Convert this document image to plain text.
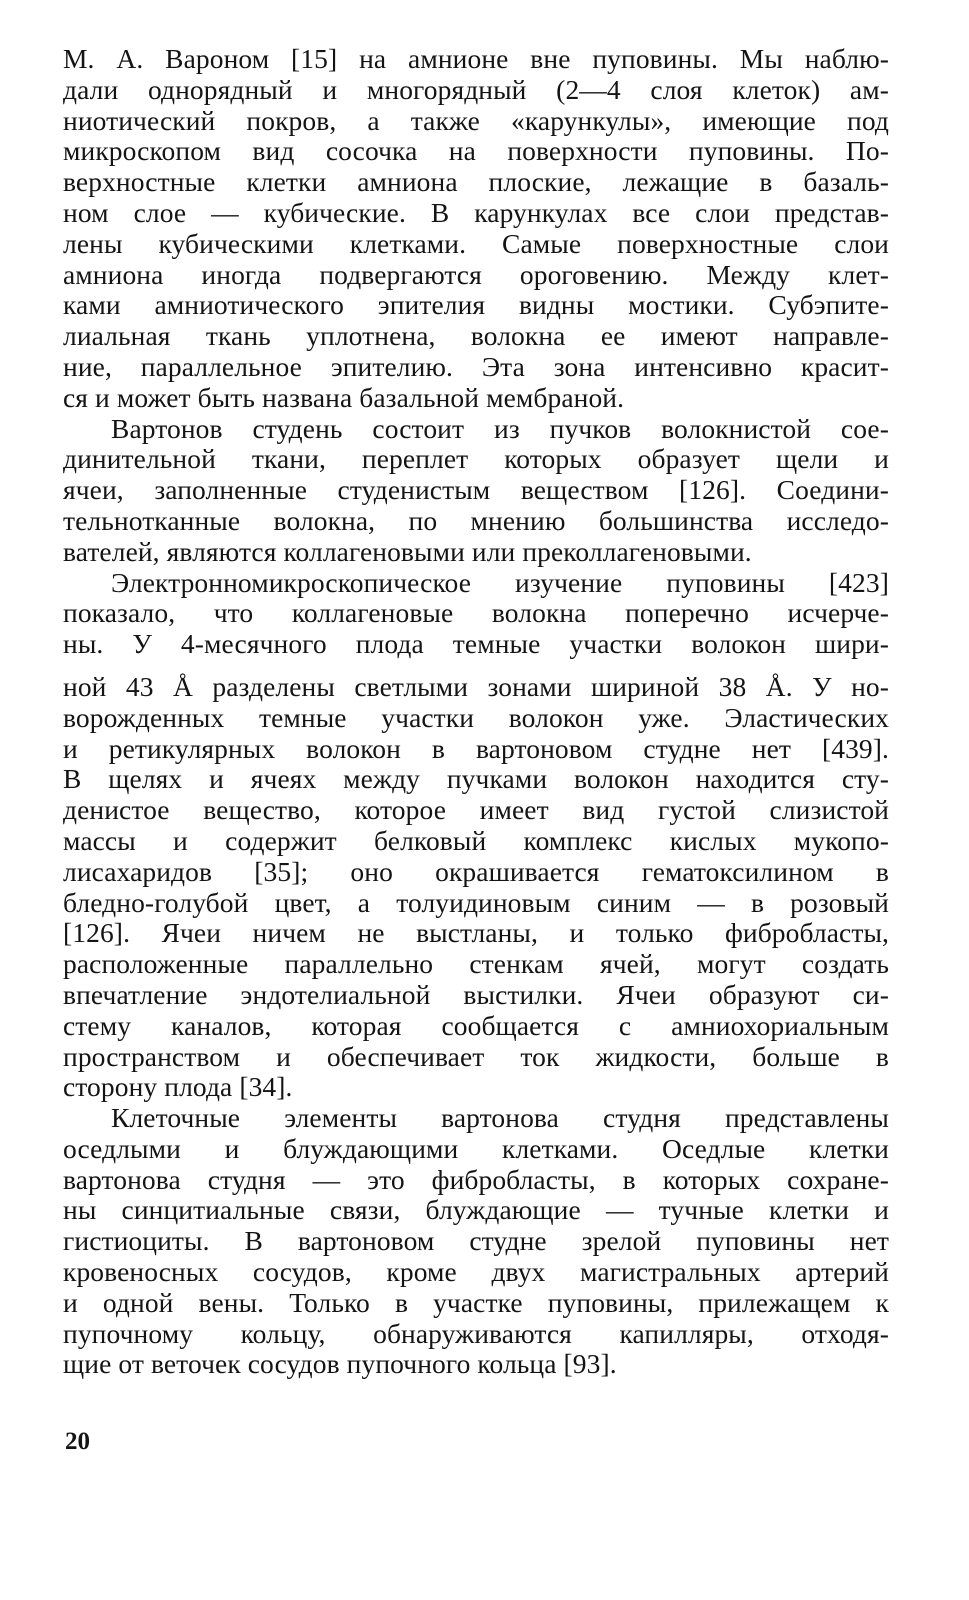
М. А. Вароном [15] на амнионе вне пуповины. Мы наблю-

дали однорядный и многорядный (2—4 слоя клеток) ам-

ниотический покров, а также «карункулы», имеющие под

микроскопом вид сосочка на поверхности пуповины. По-

верхностные клетки амниона плоские, лежащие в базаль-

ном слое — кубические. В карункулах все слои представ-

лены кубическими клетками. Самые поверхностные слои

амниона иногда подвергаются ороговению. Между клет-

ками амниотического эпителия видны мостики. Субэпите-

лиальная ткань уплотнена, волокна ее имеют направле-

ние, параллельное эпителию. Эта зона интенсивно красит-

ся и может быть названа базальной мембраной.

Вартонов студень состоит из пучков волокнистой сое-

динительной ткани, переплет которых образует щели и

ячеи, заполненные студенистым веществом [126]. Соедини-

тельнотканные волокна, по мнению большинства исследо-

вателей, являются коллагеновыми или преколлагеновыми.

Электронномикроскопическое изучение пуповины [423]

показало, что коллагеновые волокна поперечно исчерче-

ны. У 4-месячного плода темные участки волокон шири-

ной 43 Å разделены светлыми зонами шириной 38 Å. У но-

ворожденных темные участки волокон уже. Эластических

и ретикулярных волокон в вартоновом студне нет [439].

В щелях и ячеях между пучками волокон находится сту-

денистое вещество, которое имеет вид густой слизистой

массы и содержит белковый комплекс кислых мукопо-

лисахаридов [35]; оно окрашивается гематоксилином в

бледно-голубой цвет, а толуидиновым синим — в розовый

[126]. Ячеи ничем не выстланы, и только фибробласты,

расположенные параллельно стенкам ячей, могут создать

впечатление эндотелиальной выстилки. Ячеи образуют си-

стему каналов, которая сообщается с амниохориальным

пространством и обеспечивает ток жидкости, больше в

сторону плода [34].

Клеточные элементы вартонова студня представлены

оседлыми и блуждающими клетками. Оседлые клетки

вартонова студня — это фибробласты, в которых сохране-

ны синцитиальные связи, блуждающие — тучные клетки и

гистиоциты. В вартоновом студне зрелой пуповины нет

кровеносных сосудов, кроме двух магистральных артерий

и одной вены. Только в участке пуповины, прилежащем к

пупочному кольцу, обнаруживаются капилляры, отходя-

щие от веточек сосудов пупочного кольца [93].

20
